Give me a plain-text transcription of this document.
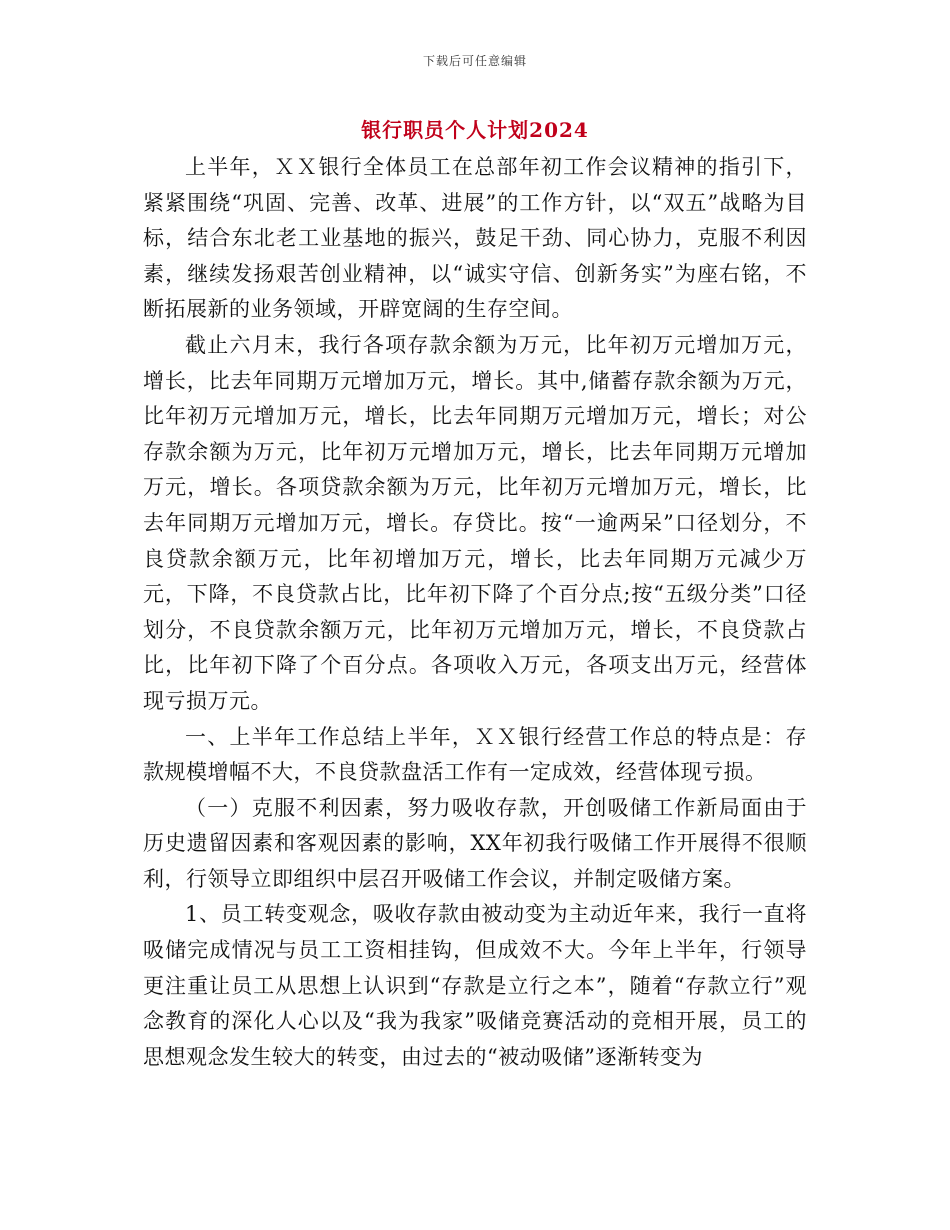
下载后可任意编辑
银行职员个人计划2024

上半年，ＸＸ银行全体员工在总部年初工作会议精神的指引下，紧紧围绕“巩固、完善、改革、进展”的工作方针，以“双五”战略为目标，结合东北老工业基地的振兴，鼓足干劲、同心协力，克服不利因素，继续发扬艰苦创业精神，以“诚实守信、创新务实”为座右铭，不断拓展新的业务领域，开辟宽阔的生存空间。

截止六月末，我行各项存款余额为万元，比年初万元增加万元，增长，比去年同期万元增加万元，增长。其中,储蓄存款余额为万元，比年初万元增加万元，增长，比去年同期万元增加万元，增长；对公存款余额为万元，比年初万元增加万元，增长，比去年同期万元增加万元，增长。各项贷款余额为万元，比年初万元增加万元，增长，比去年同期万元增加万元，增长。存贷比。按“一逾两呆”口径划分，不良贷款余额万元，比年初增加万元，增长，比去年同期万元减少万元，下降，不良贷款占比，比年初下降了个百分点;按“五级分类”口径划分，不良贷款余额万元，比年初万元增加万元，增长，不良贷款占比，比年初下降了个百分点。各项收入万元，各项支出万元，经营体现亏损万元。

一、上半年工作总结上半年，ＸＸ银行经营工作总的特点是：存款规模增幅不大，不良贷款盘活工作有一定成效，经营体现亏损。

（一）克服不利因素，努力吸收存款，开创吸储工作新局面由于历史遗留因素和客观因素的影响，XX年初我行吸储工作开展得不很顺利，行领导立即组织中层召开吸储工作会议，并制定吸储方案。

1、员工转变观念，吸收存款由被动变为主动近年来，我行一直将吸储完成情况与员工工资相挂钩，但成效不大。今年上半年，行领导更注重让员工从思想上认识到“存款是立行之本”，随着“存款立行”观念教育的深化人心以及“我为我家”吸储竞赛活动的竞相开展，员工的思想观念发生较大的转变，由过去的“被动吸储”逐渐转变为
